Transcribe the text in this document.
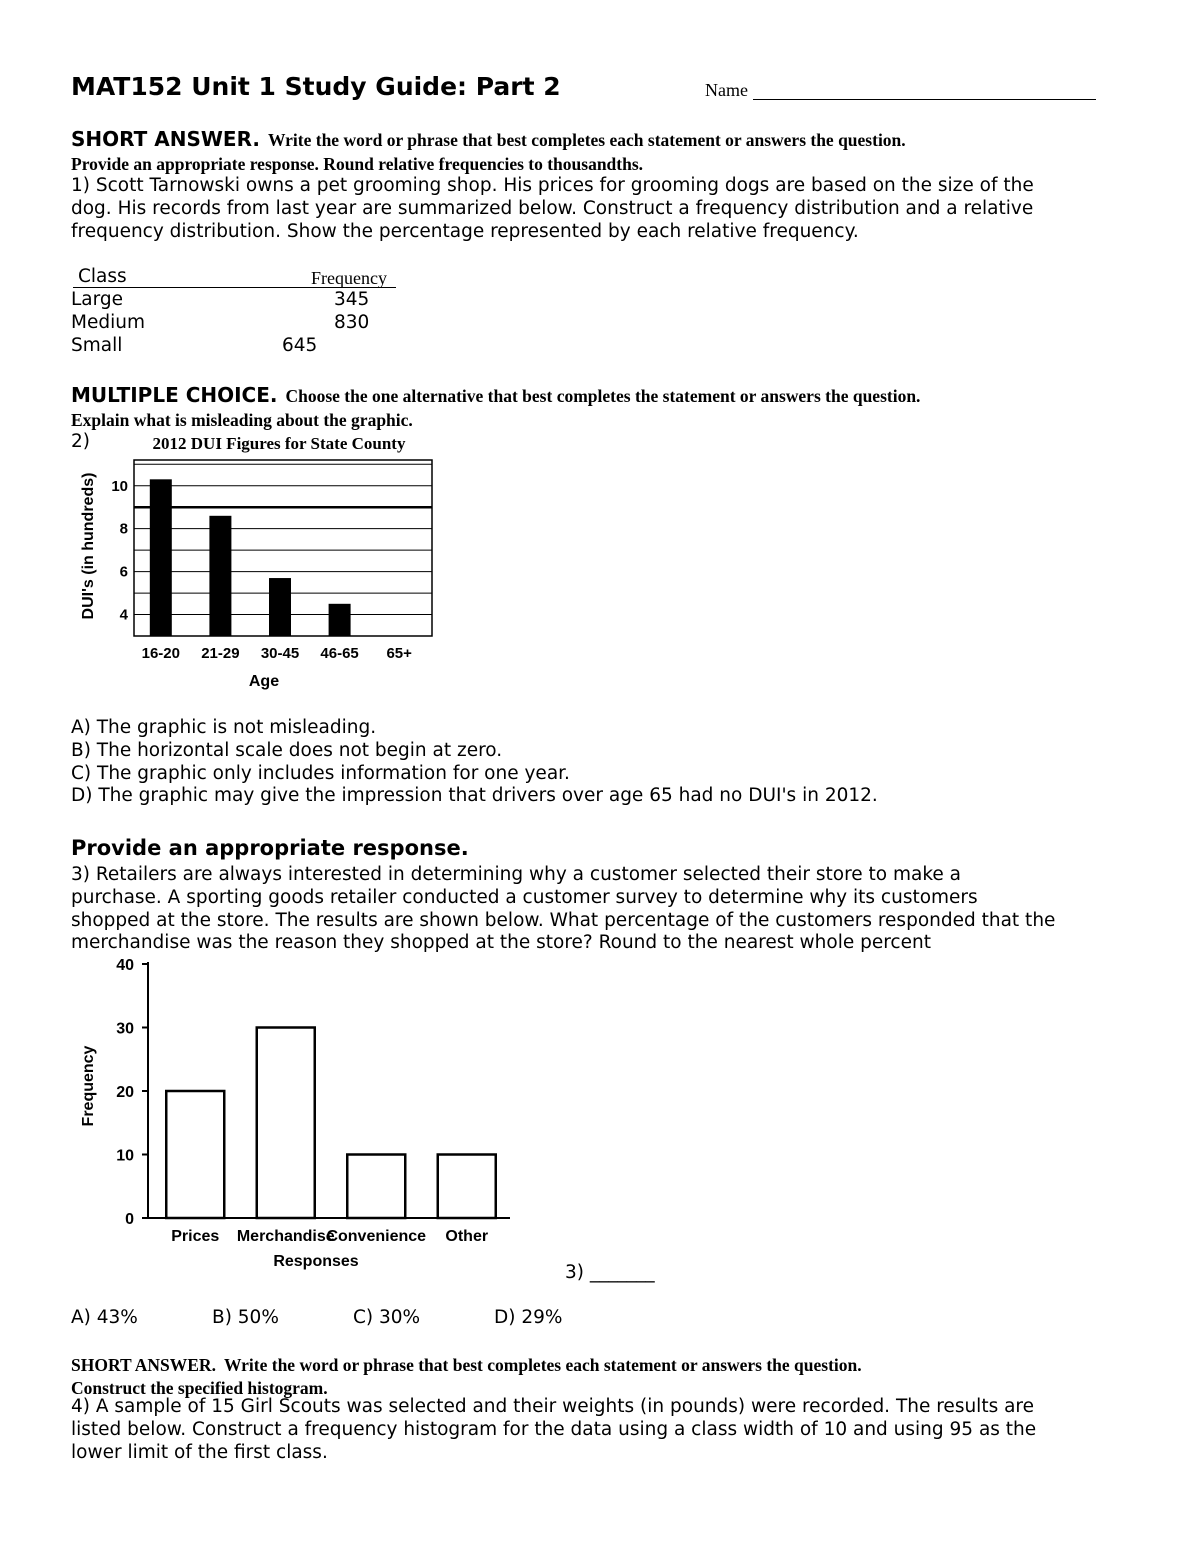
MAT152 Unit 1 Study Guide: Part 2	Name
SHORT ANSWER. Write the word or phrase that best completes each statement or answers the question.
Provide an appropriate response. Round relative frequencies to thousandths.
1) Scott Tarnowski owns a pet grooming shop. His prices for grooming dogs are based on the size of the
dog. His records from last year are summarized below. Construct a frequency distribution and a relative
frequency distribution. Show the percentage represented by each relative frequency.
Class	Frequency
Large	345
Medium	830
Small	645
MULTIPLE CHOICE. Choose the one alternative that best completes the statement or answers the question.
Explain what is misleading about the graphic.
2)	2012 DUI Figures for State County
4
6
8
10
16-20 21-29 30-45 46-65 65+
Age
DUI's (in hundreds)
A) The graphic is not misleading.
B) The horizontal scale does not begin at zero.
C) The graphic only includes information for one year.
D) The graphic may give the impression that drivers over age 65 had no DUI's in 2012.
Provide an appropriate response.
3) Retailers are always interested in determining why a customer selected their store to make a
purchase. A sporting goods retailer conducted a customer survey to determine why its customers
shopped at the store. The results are shown below. What percentage of the customers responded that the
merchandise was the reason they shopped at the store? Round to the nearest whole percent
0
10
20
30
40
Prices Merchandise
Convenience Other
Responses
Frequency
3) _______
A) 43%	B) 50%	C) 30%	D) 29%
SHORT ANSWER. Write the word or phrase that best completes each statement or answers the question.
Construct the specified histogram.
4) A sample of 15 Girl Scouts was selected and their weights (in pounds) were recorded. The results are
listed below. Construct a frequency histogram for the data using a class width of 10 and using 95 as the
lower limit of the first class.
